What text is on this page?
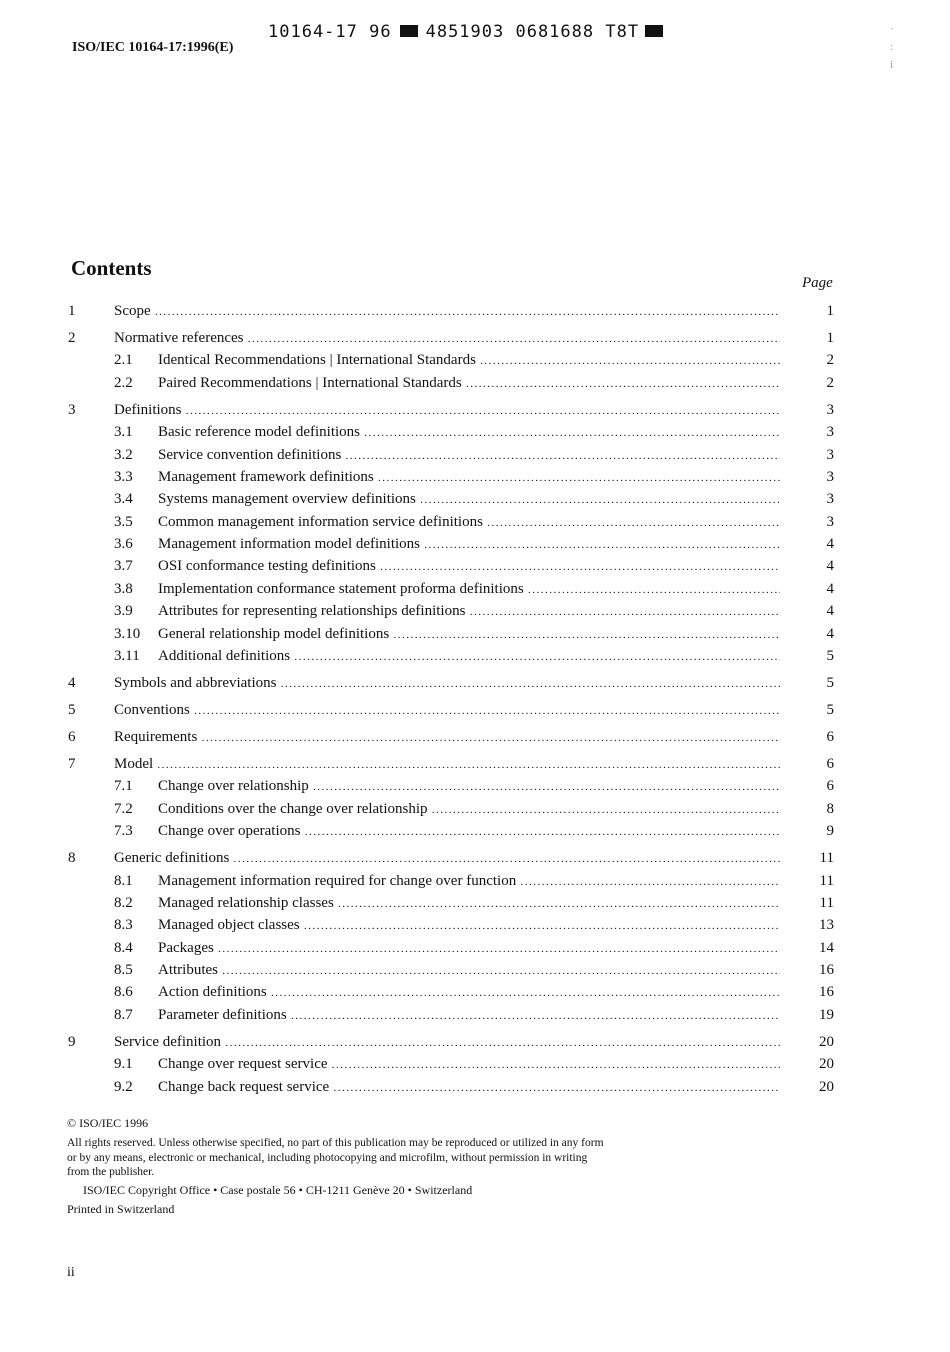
10164-17 96 4851903 0681688 T8T
ISO/IEC 10164-17:1996(E)
·
:
i
Contents
Page
1	Scope .....	1
2	Normative references .....	1
2.1 Identical Recommendations | International Standards .....	2
2.2 Paired Recommendations | International Standards .....	2
3	Definitions .....	3
3.1 Basic reference model definitions .....	3
3.2 Service convention definitions .....	3
3.3 Management framework definitions .....	3
3.4 Systems management overview definitions .....	3
3.5 Common management information service definitions .....	3
3.6 Management information model definitions .....	4
3.7 OSI conformance testing definitions .....	4
3.8 Implementation conformance statement proforma definitions .....	4
3.9 Attributes for representing relationships definitions .....	4
3.10 General relationship model definitions .....	4
3.11 Additional definitions .....	5
4	Symbols and abbreviations .....	5
5	Conventions .....	5
6	Requirements .....	6
7	Model .....	6
7.1 Change over relationship .....	6
7.2 Conditions over the change over relationship .....	8
7.3 Change over operations .....	9
8	Generic definitions .....	11
8.1 Management information required for change over function .....	11
8.2 Managed relationship classes .....	11
8.3 Managed object classes .....	13
8.4 Packages .....	14
8.5 Attributes .....	16
8.6 Action definitions .....	16
8.7 Parameter definitions .....	19
9	Service definition .....	20
9.1 Change over request service .....	20
9.2 Change back request service .....	20
© ISO/IEC 1996
All rights reserved. Unless otherwise specified, no part of this publication may be reproduced or utilized in any form or by any means, electronic or mechanical, including photocopying and microfilm, without permission in writing from the publisher.
ISO/IEC Copyright Office • Case postale 56 • CH-1211 Genève 20 • Switzerland
Printed in Switzerland
ii
